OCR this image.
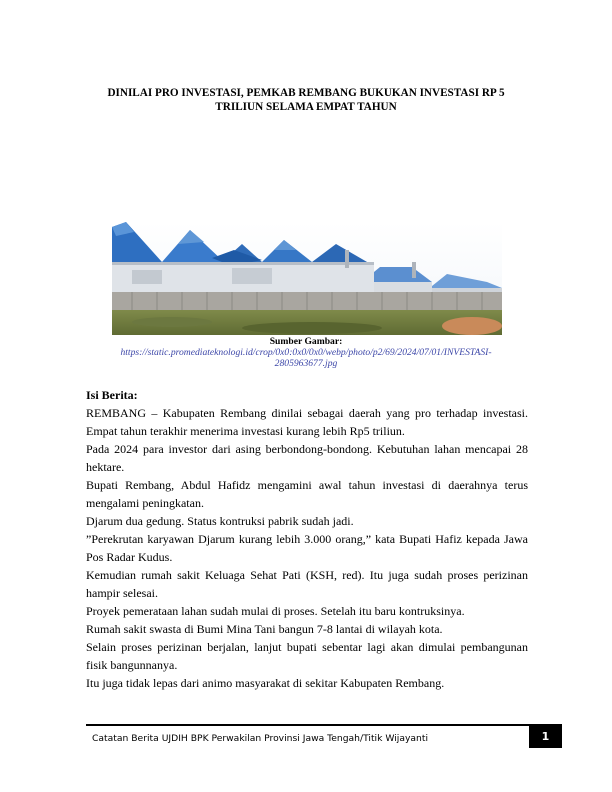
DINILAI PRO INVESTASI, PEMKAB REMBANG BUKUKAN INVESTASI RP 5 TRILIUN SELAMA EMPAT TAHUN
Sumber Gambar:
https://static.promediateknologi.id/crop/0x0:0x0/0x0/webp/photo/p2/69/2024/07/01/INVESTASI-2805963677.jpg
Isi Berita:

REMBANG – Kabupaten Rembang dinilai sebagai daerah yang pro terhadap investasi. Empat tahun terakhir menerima investasi kurang lebih Rp5 triliun.

Pada 2024 para investor dari asing berbondong-bondong. Kebutuhan lahan mencapai 28 hektare.

Bupati Rembang, Abdul Hafidz mengamini awal tahun investasi di daerahnya terus mengalami peningkatan.

Djarum dua gedung. Status kontruksi pabrik sudah jadi.

”Perekrutan karyawan Djarum kurang lebih 3.000 orang,” kata Bupati Hafiz kepada Jawa Pos Radar Kudus.

Kemudian rumah sakit Keluaga Sehat Pati (KSH, red). Itu juga sudah proses perizinan hampir selesai.

Proyek pemerataan lahan sudah mulai di proses. Setelah itu baru kontruksinya.

Rumah sakit swasta di Bumi Mina Tani bangun 7-8 lantai di wilayah kota.

Selain proses perizinan berjalan, lanjut bupati sebentar lagi akan dimulai pembangunan fisik bangunnanya.

Itu juga tidak lepas dari animo masyarakat di sekitar Kabupaten Rembang.

Catatan Berita UJDIH BPK Perwakilan Provinsi Jawa Tengah/Titik Wijayanti	1
